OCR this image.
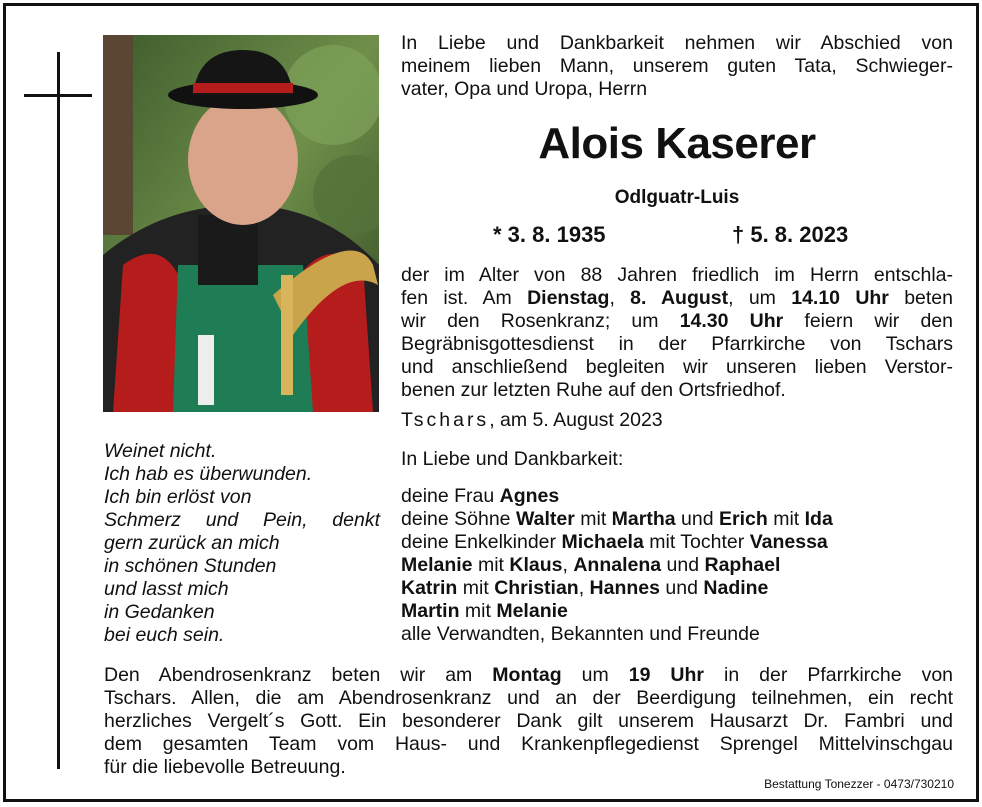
In Liebe und Dankbarkeit nehmen wir Abschied von
meinem lieben Mann, unserem guten Tata, Schwieger-
vater, Opa und Uropa, Herrn
Alois Kaserer
Odlguatr-Luis
* 3. 8. 1935	† 5. 8. 2023
der im Alter von 88 Jahren friedlich im Herrn entschla-
fen ist. Am Dienstag, 8. August, um 14.10 Uhr beten
wir den Rosenkranz; um 14.30 Uhr feiern wir den
Begräbnisgottesdienst in der Pfarrkirche von Tschars
und anschließend begleiten wir unseren lieben Verstor-
benen zur letzten Ruhe auf den Ortsfriedhof.
Tschars, am 5. August 2023
In Liebe und Dankbarkeit:
deine Frau Agnes
deine Söhne Walter mit Martha und Erich mit Ida
deine Enkelkinder Michaela mit Tochter Vanessa
Melanie mit Klaus, Annalena und Raphael
Katrin mit Christian, Hannes und Nadine
Martin mit Melanie
alle Verwandten, Bekannten und Freunde
Weinet nicht.
Ich hab es überwunden.
Ich bin erlöst von
Schmerz und Pein, denkt
gern zurück an mich
in schönen Stunden
und lasst mich
in Gedanken
bei euch sein.
Den Abendrosenkranz beten wir am Montag um 19 Uhr in der Pfarrkirche von
Tschars. Allen, die am Abendrosenkranz und an der Beerdigung teilnehmen, ein recht
herzliches Vergelt´s Gott. Ein besonderer Dank gilt unserem Hausarzt Dr. Fambri und
dem gesamten Team vom Haus- und Krankenpflegedienst Sprengel Mittelvinschgau
für die liebevolle Betreuung.
Bestattung Tonezzer - 0473/730210
